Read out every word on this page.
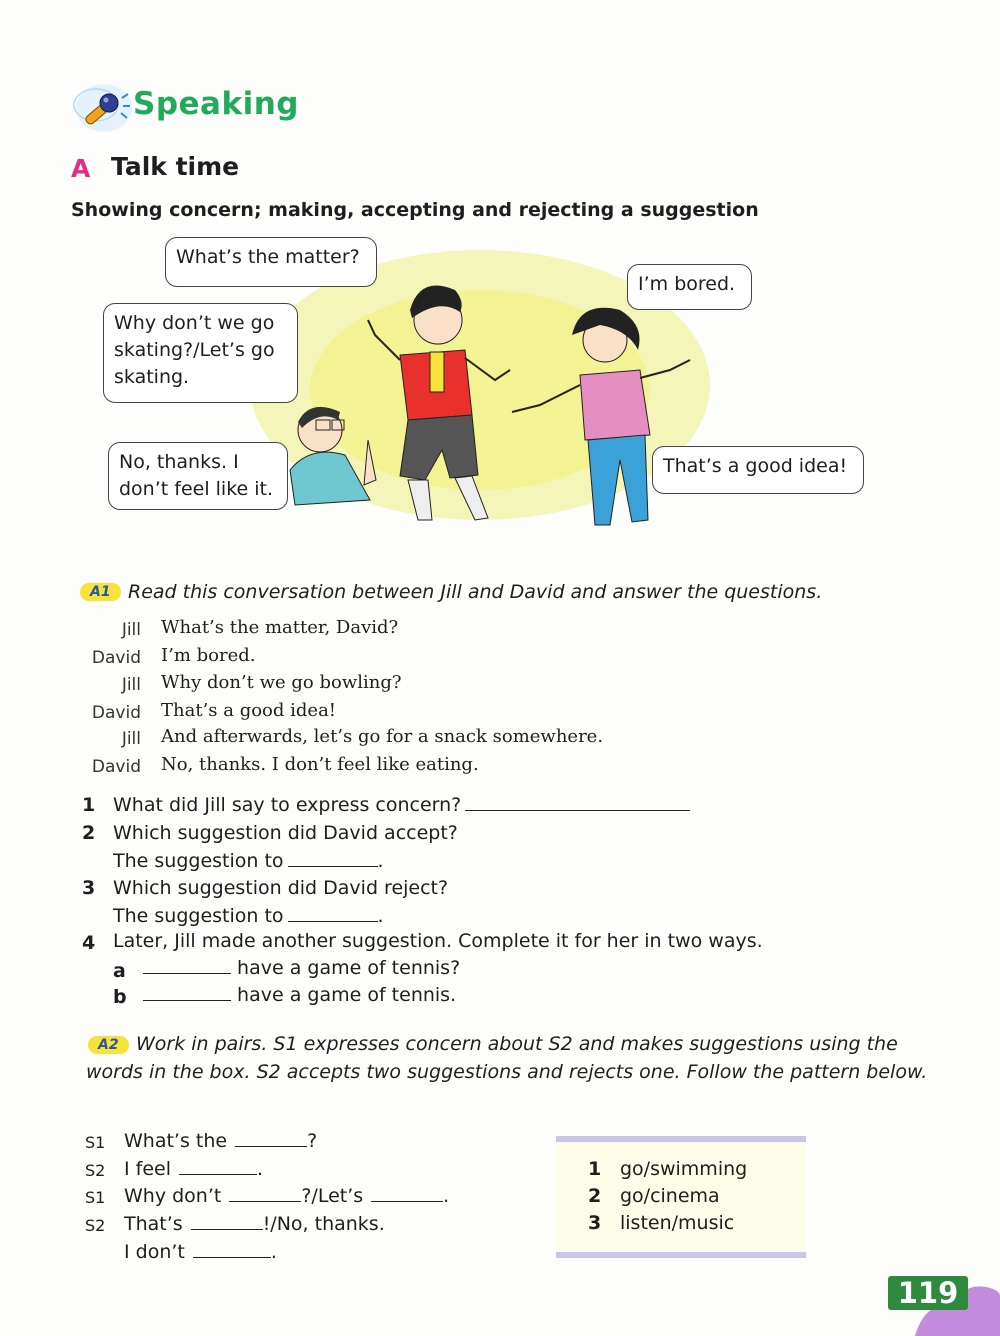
Speaking
A Talk time
Showing concern; making, accepting and rejecting a suggestion
What’s the matter?
I’m bored.
Why don’t we go skating?/Let’s go skating.
No, thanks. I don’t feel like it.
That’s a good idea!
A1 Read this conversation between Jill and David and answer the questions.
Jill What’s the matter, David?
David I’m bored.
Jill Why don’t we go bowling?
David That’s a good idea!
Jill And afterwards, let’s go for a snack somewhere.
David No, thanks. I don’t feel like eating.
1 What did Jill say to express concern?
2 Which suggestion did David accept?
The suggestion to	.
3 Which suggestion did David reject?
The suggestion to	.
4 Later, Jill made another suggestion. Complete it for her in two ways.
a	have a game of tennis?
b	have a game of tennis.
A2 Work in pairs. S1 expresses concern about S2 and makes suggestions using the words in the box. S2 accepts two suggestions and rejects one. Follow the pattern below.
S1 What’s the	?
S2 I feel	.
S1 Why don’t	?/Let’s	.
S2 That’s	!/No, thanks.
I don’t	.
1 go/swimming
2 go/cinema
3 listen/music
119
